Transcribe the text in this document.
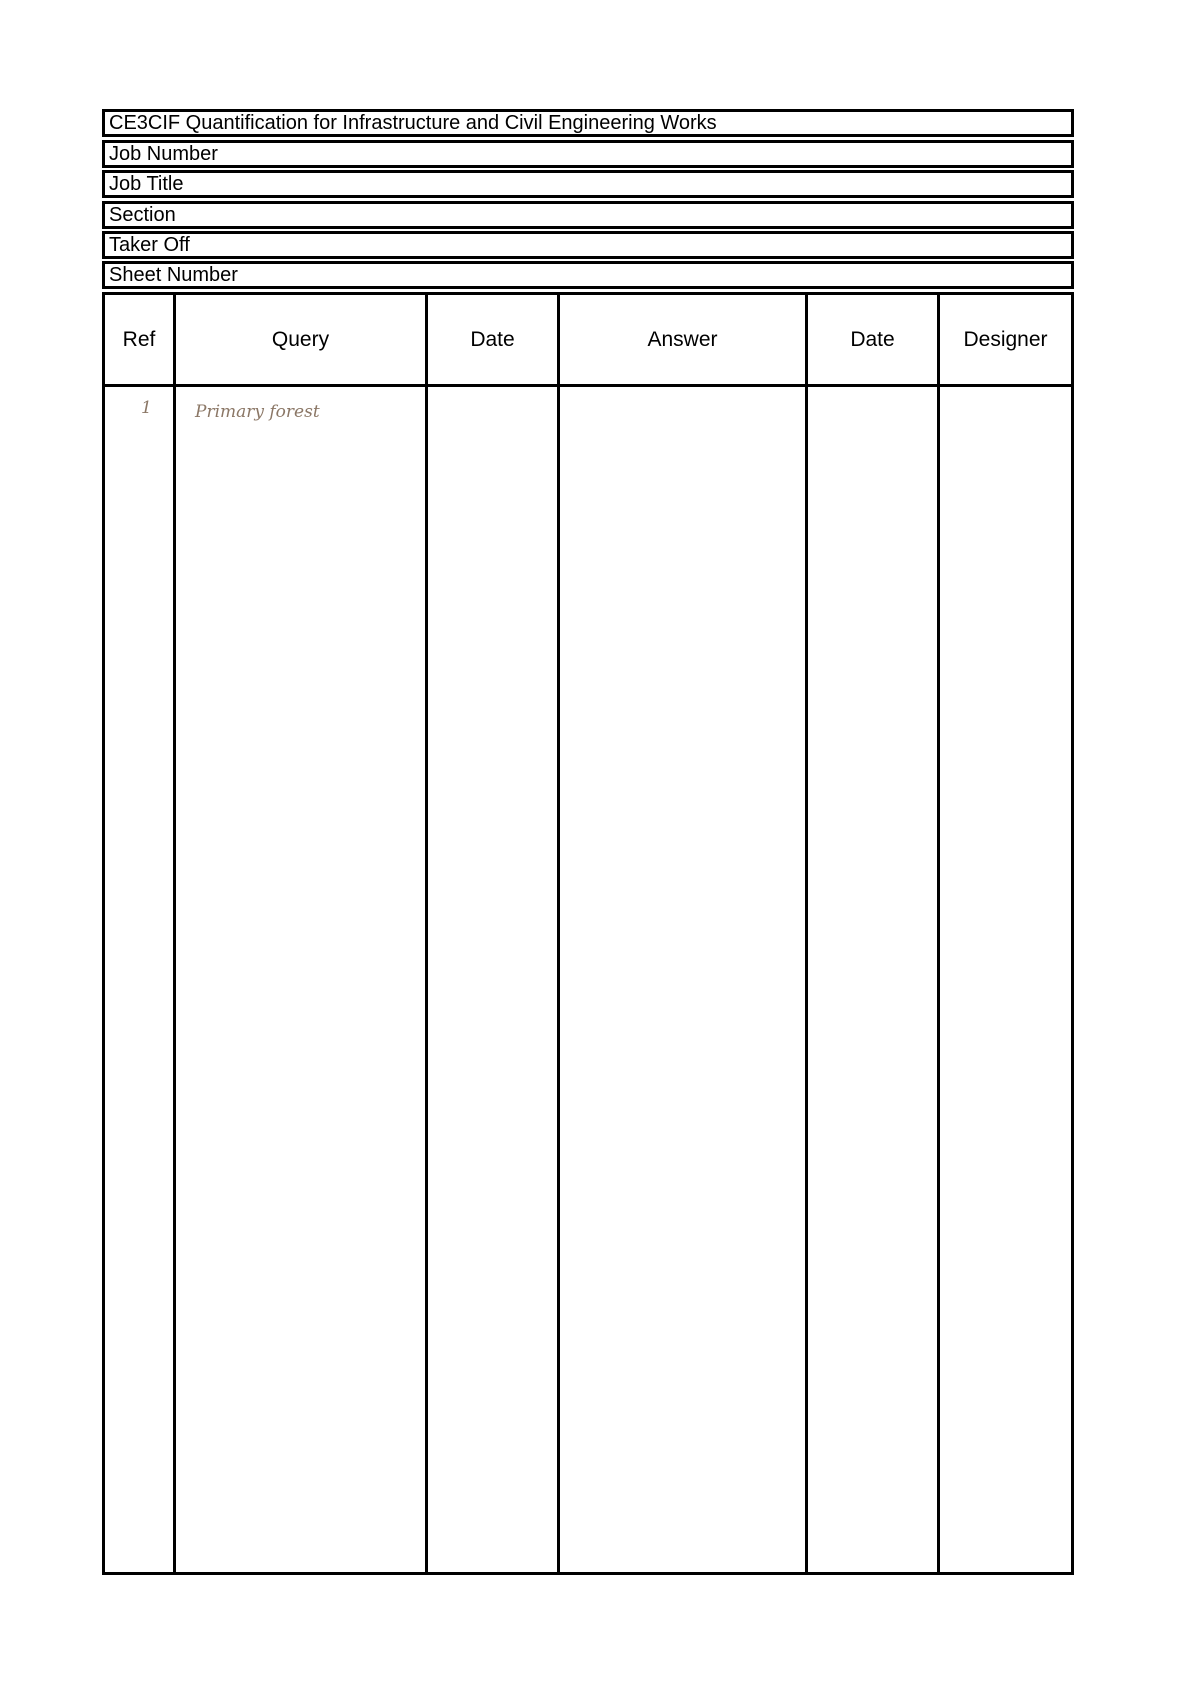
CE3CIF Quantification for Infrastructure and Civil Engineering Works
Job Number
Job Title
Section
Taker Off
Sheet Number
Ref	Query	Date	Answer	Date	Designer
1	Primary forest
